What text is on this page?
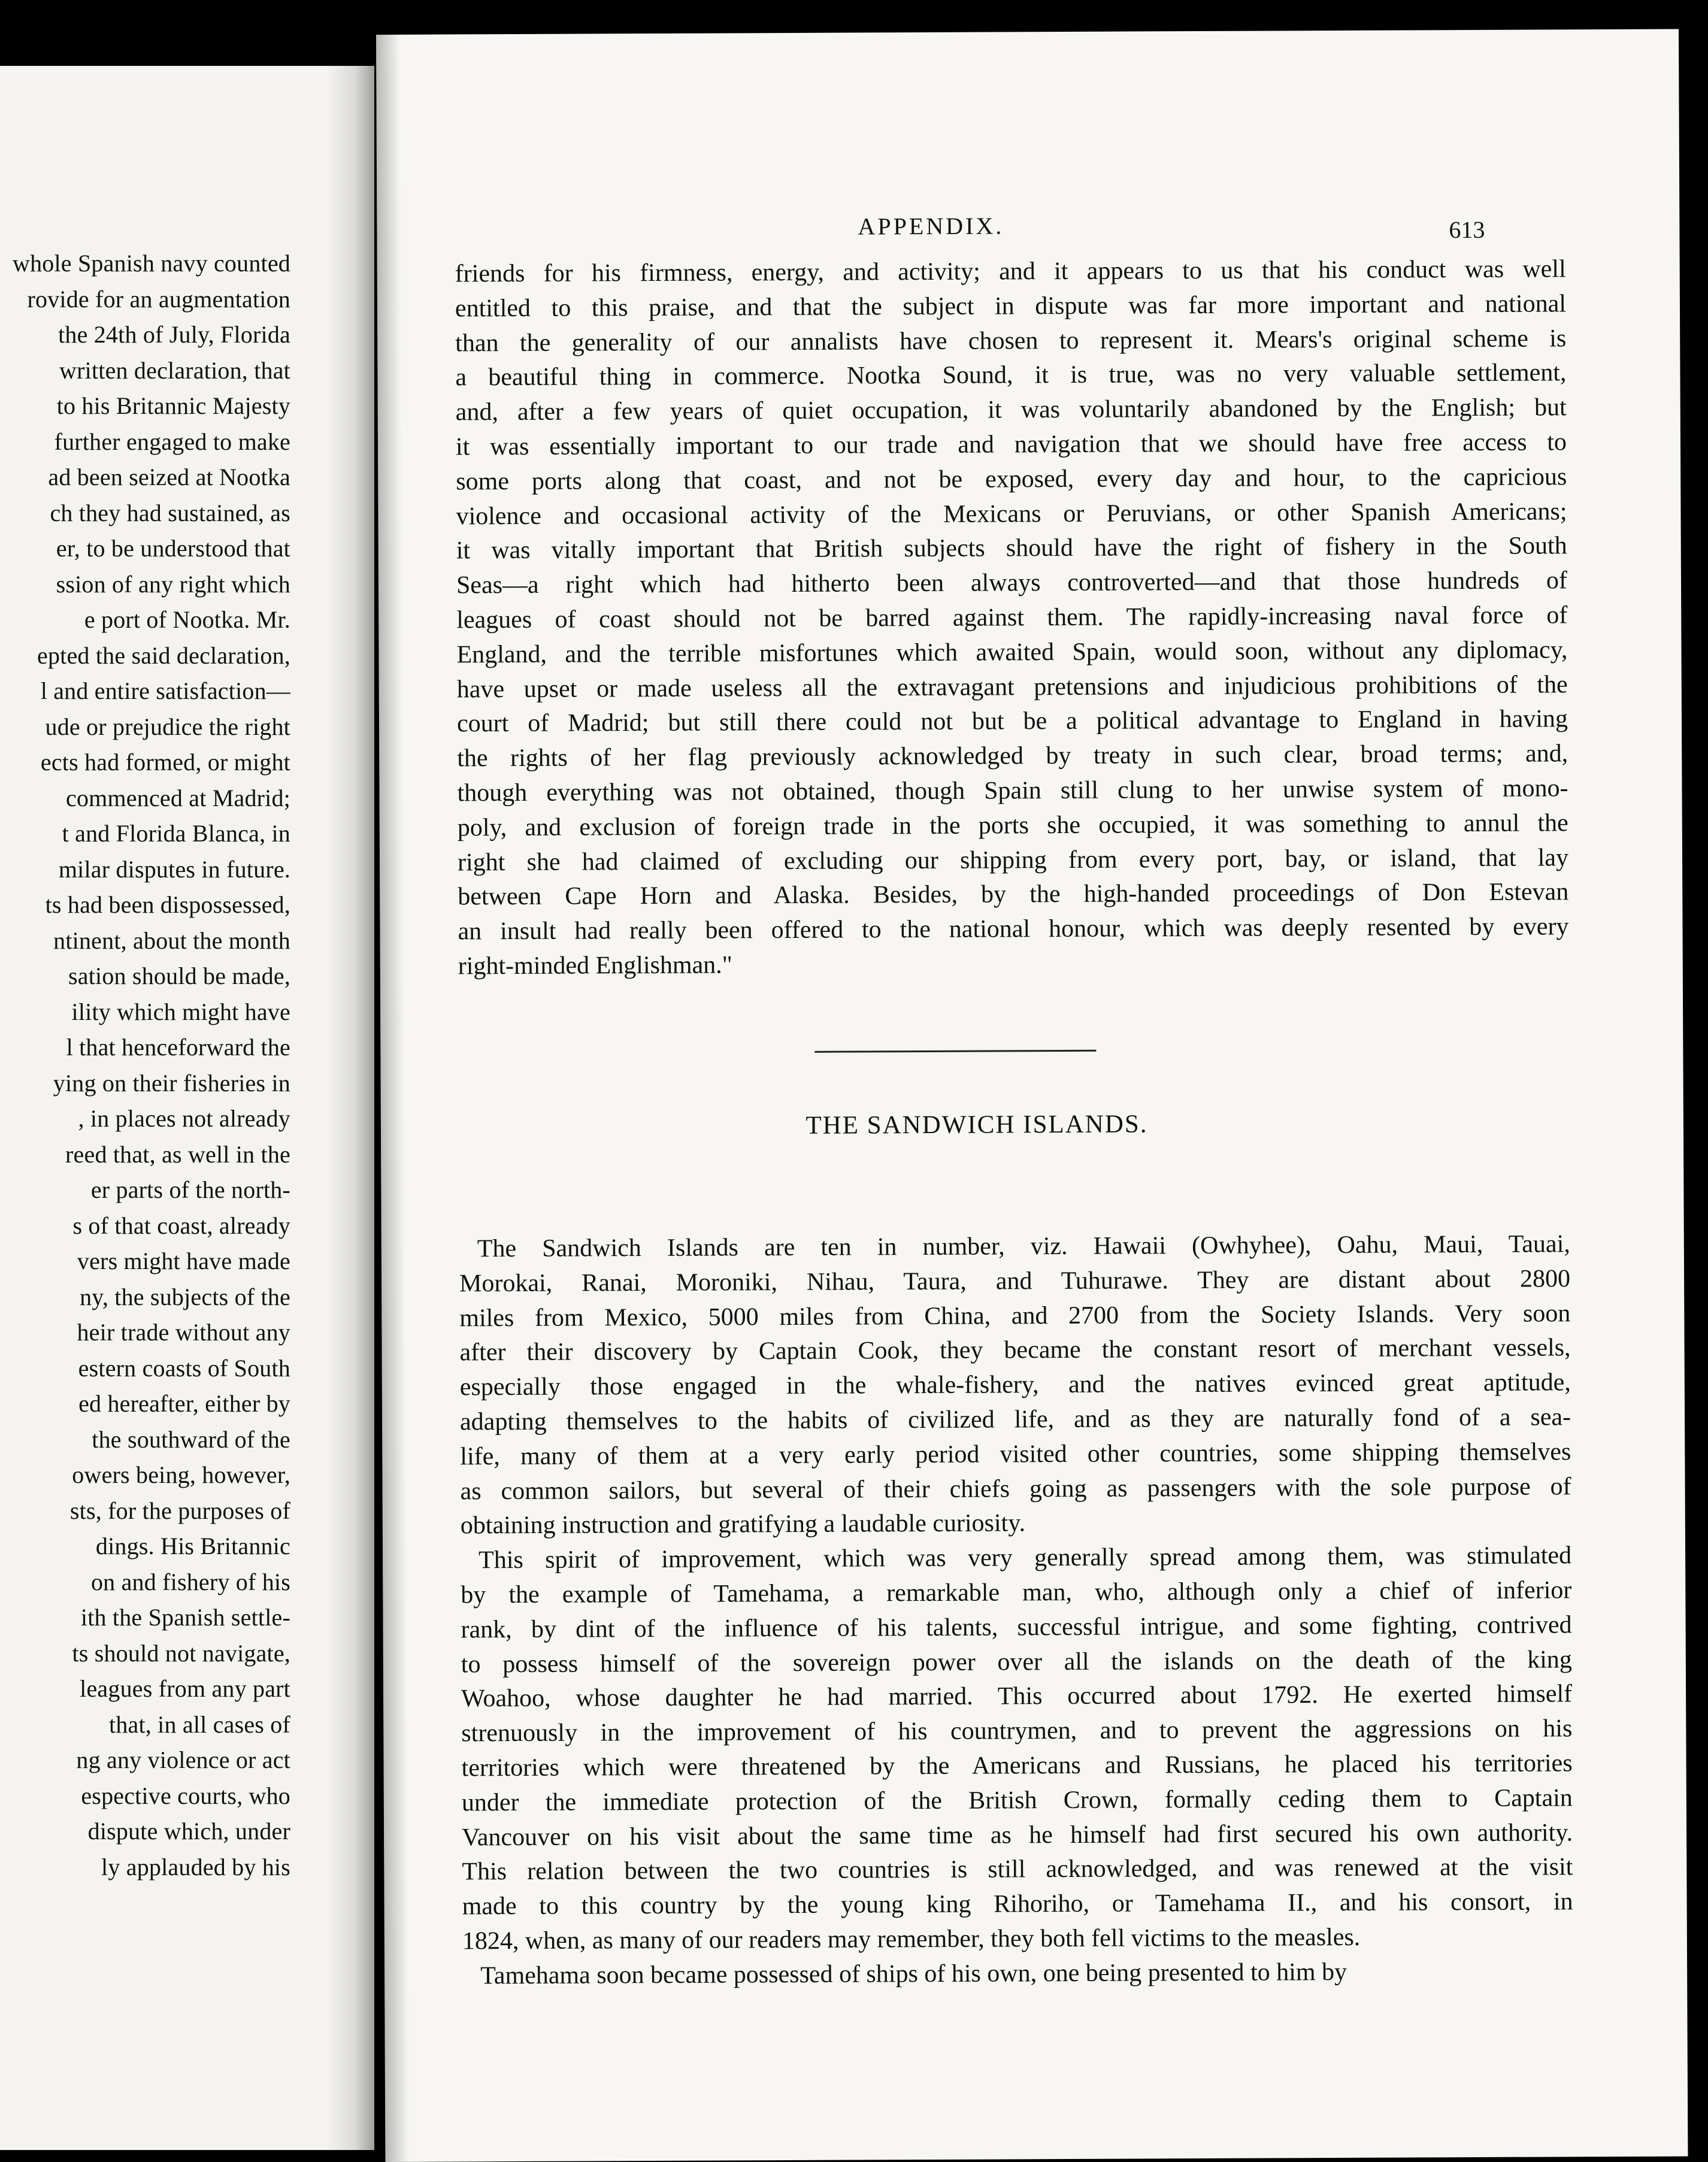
whole Spanish navy counted
rovide for an augmentation
the 24th of July, Florida
written declaration, that
to his Britannic Majesty
further engaged to make
ad been seized at Nootka
ch they had sustained, as
er, to be understood that
ssion of any right which
e port of Nootka. Mr.
epted the said declaration,
l and entire satisfaction—
ude or prejudice the right
ects had formed, or might
commenced at Madrid;
t and Florida Blanca, in
milar disputes in future.
ts had been dispossessed,
ntinent, about the month
sation should be made,
ility which might have
l that henceforward the
ying on their fisheries in
, in places not already
reed that, as well in the
er parts of the north-
s of that coast, already
vers might have made
ny, the subjects of the
heir trade without any
estern coasts of South
ed hereafter, either by
the southward of the
owers being, however,
sts, for the purposes of
dings. His Britannic
on and fishery of his
ith the Spanish settle-
ts should not navigate,
leagues from any part
that, in all cases of
ng any violence or act
espective courts, who
dispute which, under
ly applauded by his
APPENDIX.	613
friends for his firmness, energy, and activity; and it appears to us that his conduct was well
entitled to this praise, and that the subject in dispute was far more important and national
than the generality of our annalists have chosen to represent it. Mears's original scheme is
a beautiful thing in commerce. Nootka Sound, it is true, was no very valuable settlement,
and, after a few years of quiet occupation, it was voluntarily abandoned by the English; but
it was essentially important to our trade and navigation that we should have free access to
some ports along that coast, and not be exposed, every day and hour, to the capricious
violence and occasional activity of the Mexicans or Peruvians, or other Spanish Americans;
it was vitally important that British subjects should have the right of fishery in the South
Seas—a right which had hitherto been always controverted—and that those hundreds of
leagues of coast should not be barred against them. The rapidly-increasing naval force of
England, and the terrible misfortunes which awaited Spain, would soon, without any diplomacy,
have upset or made useless all the extravagant pretensions and injudicious prohibitions of the
court of Madrid; but still there could not but be a political advantage to England in having
the rights of her flag previously acknowledged by treaty in such clear, broad terms; and,
though everything was not obtained, though Spain still clung to her unwise system of mono-
poly, and exclusion of foreign trade in the ports she occupied, it was something to annul the
right she had claimed of excluding our shipping from every port, bay, or island, that lay
between Cape Horn and Alaska. Besides, by the high-handed proceedings of Don Estevan
an insult had really been offered to the national honour, which was deeply resented by every
right-minded Englishman."
THE SANDWICH ISLANDS.
The Sandwich Islands are ten in number, viz. Hawaii (Owhyhee), Oahu, Maui, Tauai,
Morokai, Ranai, Moroniki, Nihau, Taura, and Tuhurawe. They are distant about 2800
miles from Mexico, 5000 miles from China, and 2700 from the Society Islands. Very soon
after their discovery by Captain Cook, they became the constant resort of merchant vessels,
especially those engaged in the whale-fishery, and the natives evinced great aptitude,
adapting themselves to the habits of civilized life, and as they are naturally fond of a sea-
life, many of them at a very early period visited other countries, some shipping themselves
as common sailors, but several of their chiefs going as passengers with the sole purpose of
obtaining instruction and gratifying a laudable curiosity.
This spirit of improvement, which was very generally spread among them, was stimulated
by the example of Tamehama, a remarkable man, who, although only a chief of inferior
rank, by dint of the influence of his talents, successful intrigue, and some fighting, contrived
to possess himself of the sovereign power over all the islands on the death of the king
Woahoo, whose daughter he had married. This occurred about 1792. He exerted himself
strenuously in the improvement of his countrymen, and to prevent the aggressions on his
territories which were threatened by the Americans and Russians, he placed his territories
under the immediate protection of the British Crown, formally ceding them to Captain
Vancouver on his visit about the same time as he himself had first secured his own authority.
This relation between the two countries is still acknowledged, and was renewed at the visit
made to this country by the young king Rihoriho, or Tamehama II., and his consort, in
1824, when, as many of our readers may remember, they both fell victims to the measles.
Tamehama soon became possessed of ships of his own, one being presented to him by
